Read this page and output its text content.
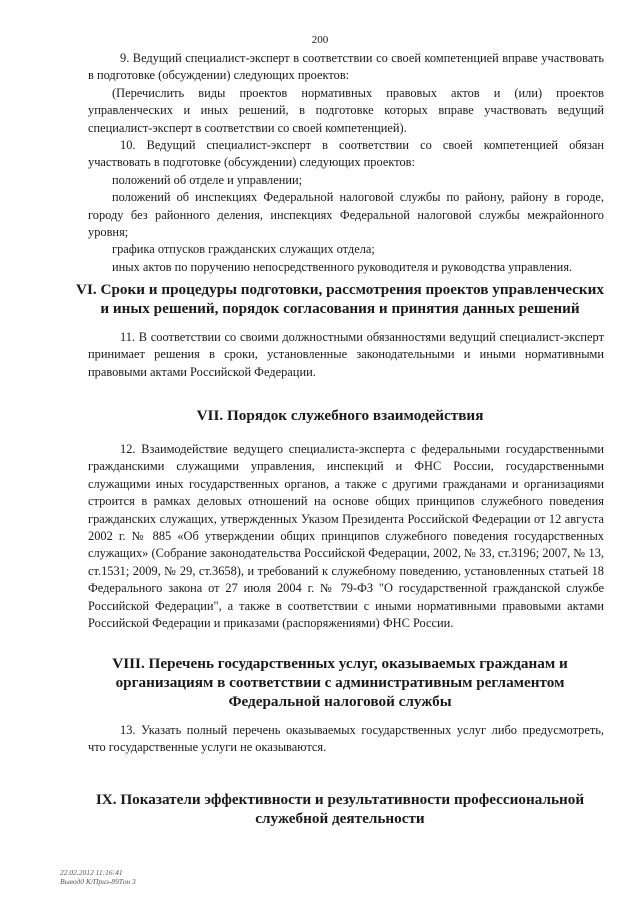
200

9. Ведущий специалист-эксперт в соответствии со своей компетенцией вправе участвовать в подготовке (обсуждении) следующих проектов:

(Перечислить виды проектов нормативных правовых актов и (или) проектов управленческих и иных решений, в подготовке которых вправе участвовать ведущий специалист-эксперт в соответствии со своей компетенцией).

10. Ведущий специалист-эксперт в соответствии со своей компетенцией обязан участвовать в подготовке (обсуждении) следующих проектов:

положений об отделе и управлении;

положений об инспекциях Федеральной налоговой службы по району, району в городе, городу без районного деления, инспекциях Федеральной налоговой службы межрайонного уровня;

графика отпусков гражданских служащих отдела;

иных актов по поручению непосредственного руководителя и руководства управления.

VI. Сроки и процедуры подготовки, рассмотрения проектов управленческих и иных решений, порядок согласования и принятия данных решений

11. В соответствии со своими должностными обязанностями ведущий специалист-эксперт принимает решения в сроки, установленные законодательными и иными нормативными правовыми актами Российской Федерации.

VII. Порядок служебного взаимодействия

12. Взаимодействие ведущего специалиста-эксперта с федеральными государственными гражданскими служащими управления, инспекций и ФНС России, государственными служащими иных государственных органов, а также с другими гражданами и организациями строится в рамках деловых отношений на основе общих принципов служебного поведения гражданских служащих, утвержденных Указом Президента Российской Федерации от 12 августа 2002 г. № 885 «Об утверждении общих принципов служебного поведения государственных служащих» (Собрание законодательства Российской Федерации, 2002, № 33, ст.3196; 2007, № 13, ст.1531; 2009, № 29, ст.3658), и требований к служебному поведению, установленных статьей 18 Федерального закона от 27 июля 2004 г. № 79-ФЗ "О государственной гражданской службе Российской Федерации", а также в соответствии с иными нормативными правовыми актами Российской Федерации и приказами (распоряжениями) ФНС России.

VIII. Перечень государственных услуг, оказываемых гражданам и организациям в соответствии с административным регламентом Федеральной налоговой службы

13. Указать полный перечень оказываемых государственных услуг либо предусмотреть, что государственные услуги не оказываются.

IX. Показатели эффективности и результативности профессиональной служебной деятельности
22.02.2012 11:16:41
Вывод0 К/Приз-89Тон 3
